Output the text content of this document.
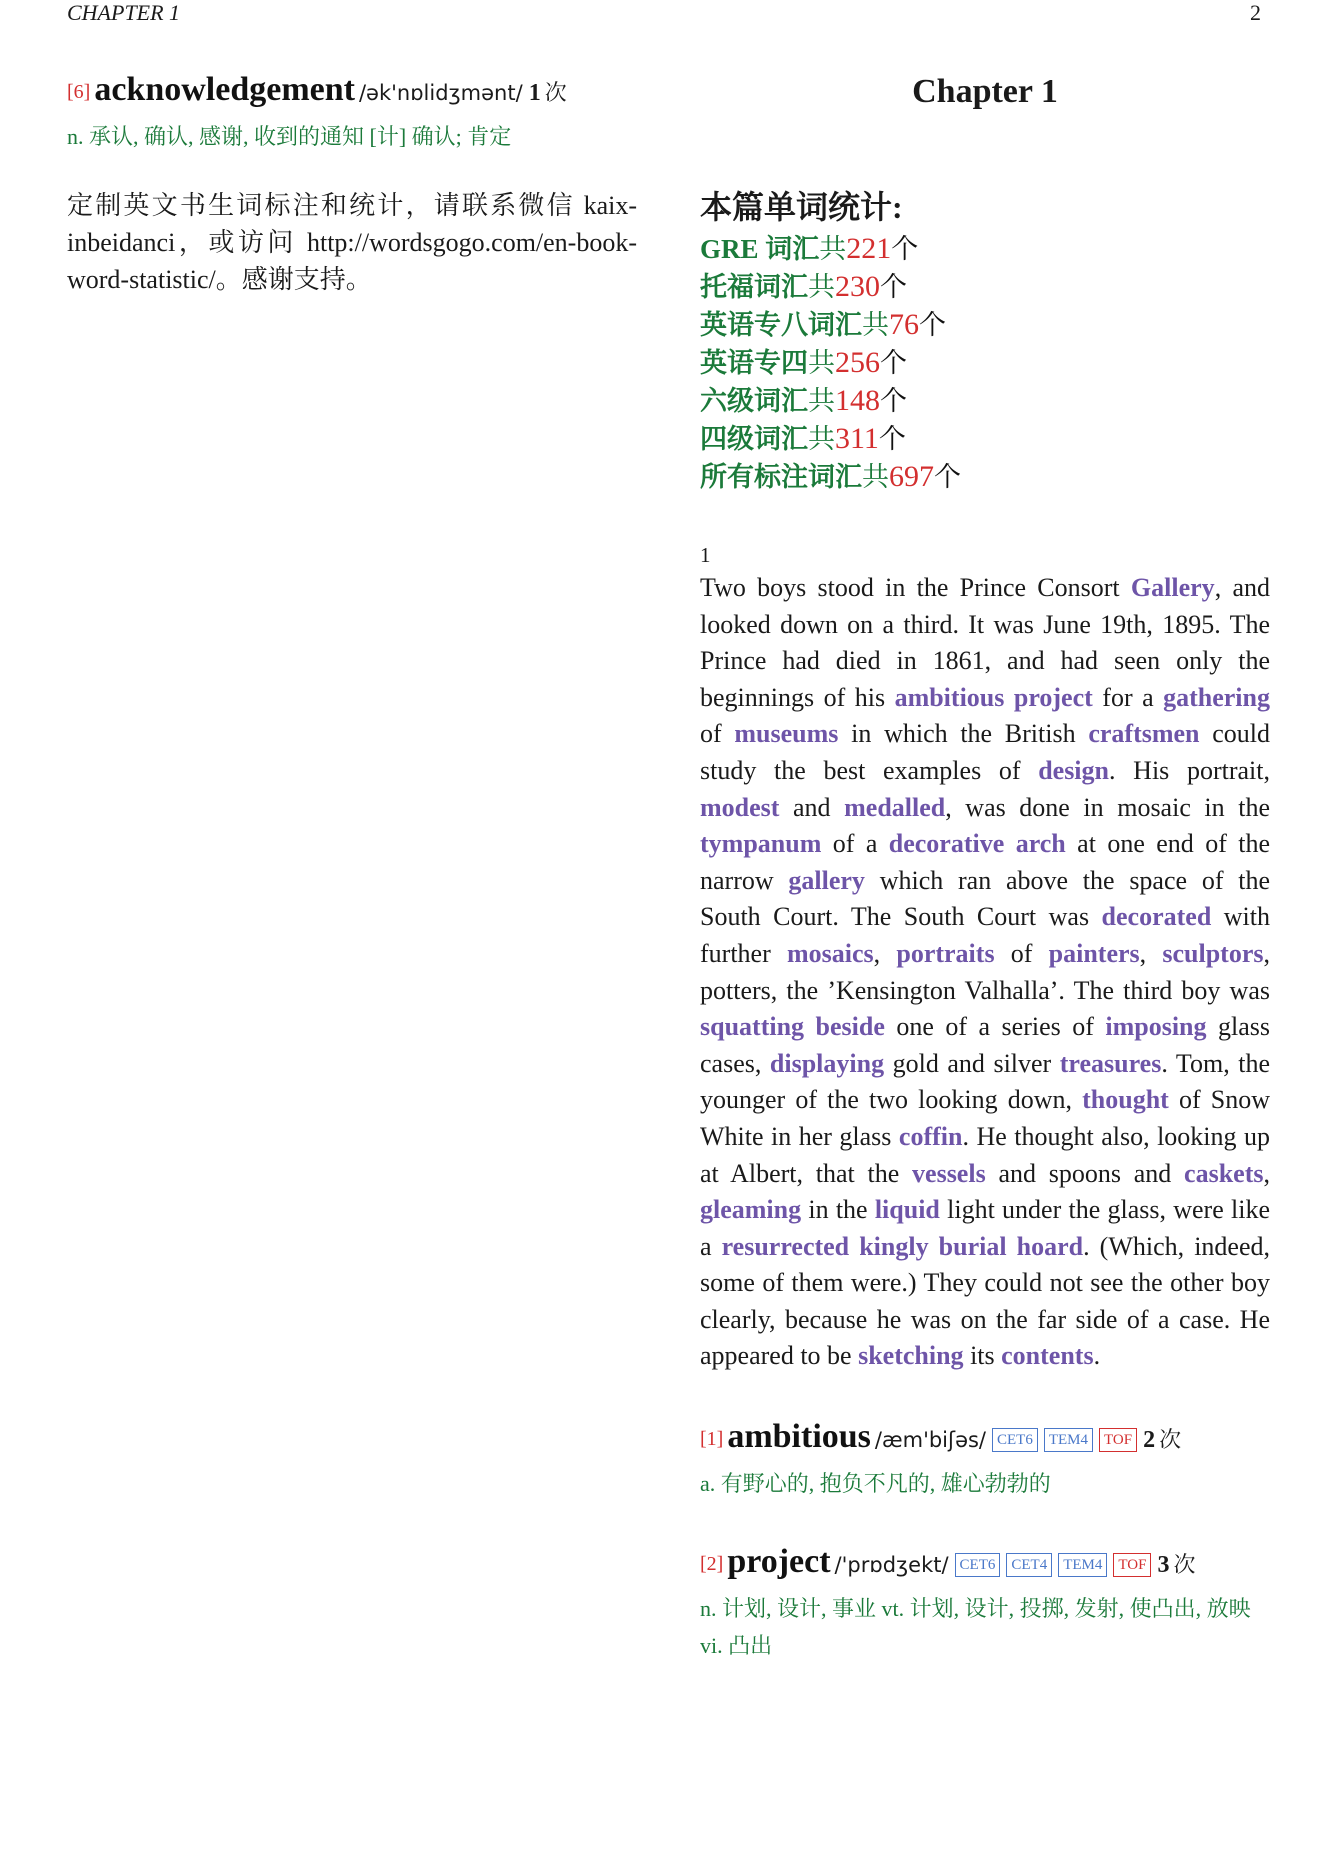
CHAPTER 1	2
[6] acknowledgement /ək'nɒlidʒmənt/ 1 次
n. 承认, 确认, 感谢, 收到的通知 [计] 确认; 肯定
定制英文书生词标注和统计，请联系微信 kaix-inbeidanci，或访问 http://wordsgogo.com/en-book-word-statistic/。感谢支持。
Chapter 1
本篇单词统计:
GRE 词汇共221个
托福词汇共230个
英语专八词汇共76个
英语专四共256个
六级词汇共148个
四级词汇共311个
所有标注词汇共697个
1
Two boys stood in the Prince Consort Gallery, and looked down on a third. It was June 19th, 1895. The Prince had died in 1861, and had seen only the beginnings of his ambitious project for a gathering of museums in which the British craftsmen could study the best examples of design. His portrait, modest and medalled, was done in mosaic in the tympanum of a decorative arch at one end of the narrow gallery which ran above the space of the South Court. The South Court was decorated with further mosaics, portraits of painters, sculptors, potters, the ’Kensington Valhalla’. The third boy was squatting beside one of a series of imposing glass cases, displaying gold and silver treasures. Tom, the younger of the two looking down, thought of Snow White in her glass coffin. He thought also, looking up at Albert, that the vessels and spoons and caskets, gleaming in the liquid light under the glass, were like a resurrected kingly burial hoard. (Which, indeed, some of them were.) They could not see the other boy clearly, because he was on the far side of a case. He appeared to be sketching its contents.
[1] ambitious /æm'biʃəs/ CET6 TEM4 TOF 2 次
a. 有野心的, 抱负不凡的, 雄心勃勃的
[2] project /'prɒdʒekt/ CET6 CET4 TEM4 TOF 3 次
n. 计划, 设计, 事业 vt. 计划, 设计, 投掷, 发射, 使凸出, 放映 vi. 凸出
